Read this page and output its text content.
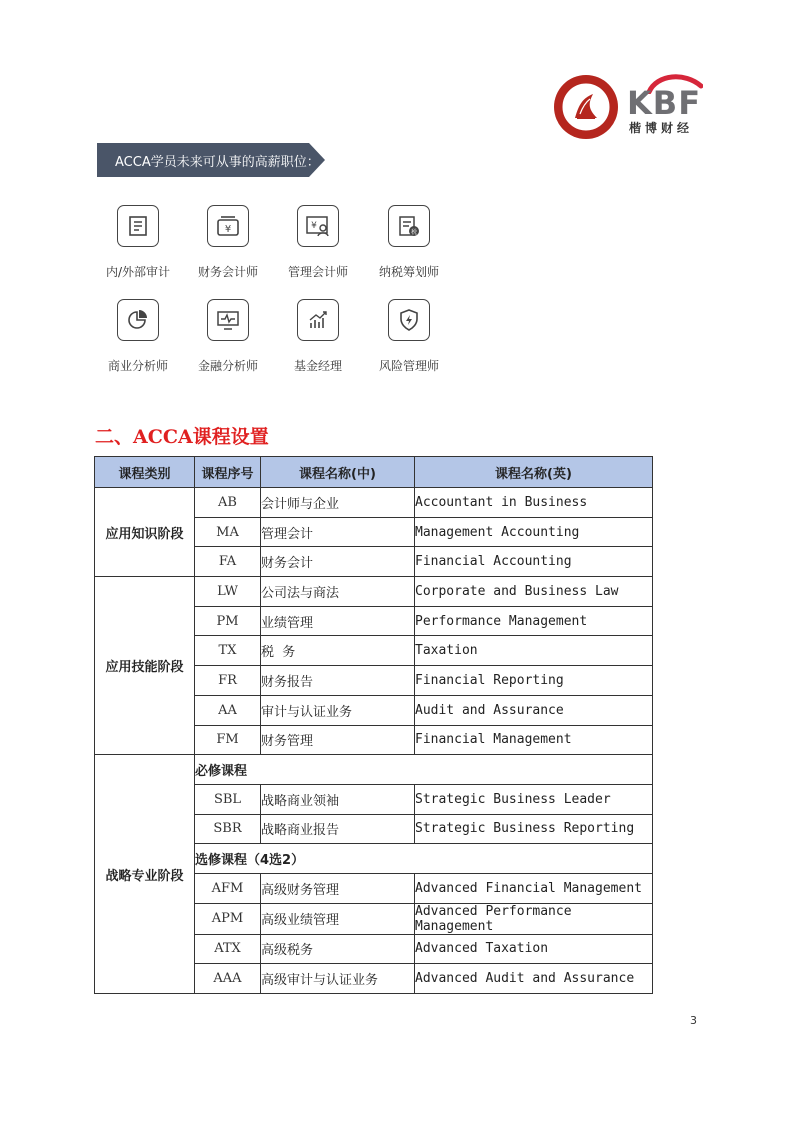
KBF
楷博财经
ACCA学员未来可从事的高薪职位：
内/外部审计
¥
财务会计师
¥
管理会计师
税
纳税筹划师
商业分析师	金融分析师	基金经理	风险管理师
二、ACCA课程设置
课程类别	课程序号	课程名称(中)	课程名称(英)
应用知识阶段	AB	会计师与企业	Accountant in Business
	MA	管理会计	Management Accounting
	FA	财务会计	Financial Accounting
应用技能阶段	LW	公司法与商法	Corporate and Business Law
	PM	业绩管理	Performance Management
	TX	税  务	Taxation
	FR	财务报告	Financial Reporting
	AA	审计与认证业务	Audit and Assurance
	FM	财务管理	Financial Management
战略专业阶段	必修课程		
	SBL	战略商业领袖	Strategic Business Leader
	SBR	战略商业报告	Strategic Business Reporting
	选修课程（4选2）		
	AFM	高级财务管理	Advanced Financial Management
	APM	高级业绩管理	Advanced Performance Management
	ATX	高级税务	Advanced Taxation
	AAA	高级审计与认证业务	Advanced Audit and Assurance
3
